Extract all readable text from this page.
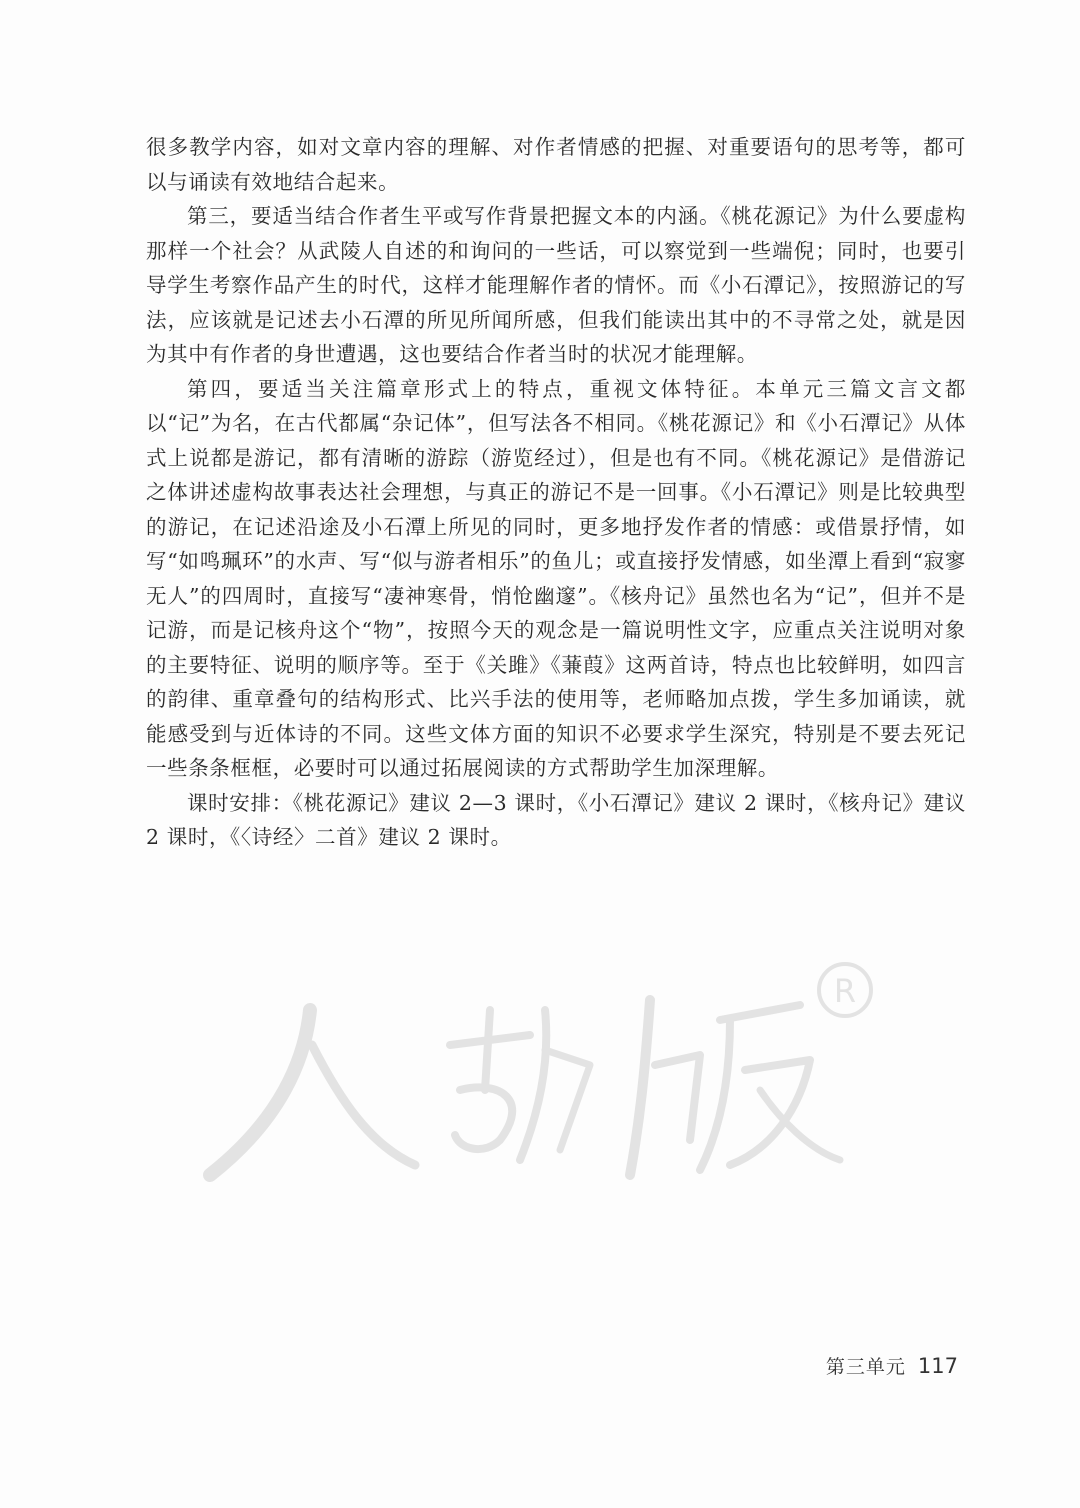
很多教学内容，如对文章内容的理解、对作者情感的把握、对重要语句的思考等，都可以与诵读有效地结合起来。

第三，要适当结合作者生平或写作背景把握文本的内涵。《桃花源记》为什么要虚构那样一个社会？从武陵人自述的和询问的一些话，可以察觉到一些端倪；同时，也要引导学生考察作品产生的时代，这样才能理解作者的情怀。而《小石潭记》，按照游记的写法，应该就是记述去小石潭的所见所闻所感，但我们能读出其中的不寻常之处，就是因为其中有作者的身世遭遇，这也要结合作者当时的状况才能理解。

第四，要适当关注篇章形式上的特点，重视文体特征。本单元三篇文言文都以“记”为名，在古代都属“杂记体”，但写法各不相同。《桃花源记》和《小石潭记》从体式上说都是游记，都有清晰的游踪（游览经过），但是也有不同。《桃花源记》是借游记之体讲述虚构故事表达社会理想，与真正的游记不是一回事。《小石潭记》则是比较典型的游记，在记述沿途及小石潭上所见的同时，更多地抒发作者的情感：或借景抒情，如写“如鸣珮环”的水声、写“似与游者相乐”的鱼儿；或直接抒发情感，如坐潭上看到“寂寥无人”的四周时，直接写“凄神寒骨，悄怆幽邃”。《核舟记》虽然也名为“记”，但并不是记游，而是记核舟这个“物”，按照今天的观念是一篇说明性文字，应重点关注说明对象的主要特征、说明的顺序等。至于《关雎》《蒹葭》这两首诗，特点也比较鲜明，如四言的韵律、重章叠句的结构形式、比兴手法的使用等，老师略加点拨，学生多加诵读，就能感受到与近体诗的不同。这些文体方面的知识不必要求学生深究，特别是不要去死记一些条条框框，必要时可以通过拓展阅读的方式帮助学生加深理解。

课时安排：《桃花源记》建议 2—3 课时，《小石潭记》建议 2 课时，《核舟记》建议 2 课时，《〈诗经〉二首》建议 2 课时。

R
第三单元 117
